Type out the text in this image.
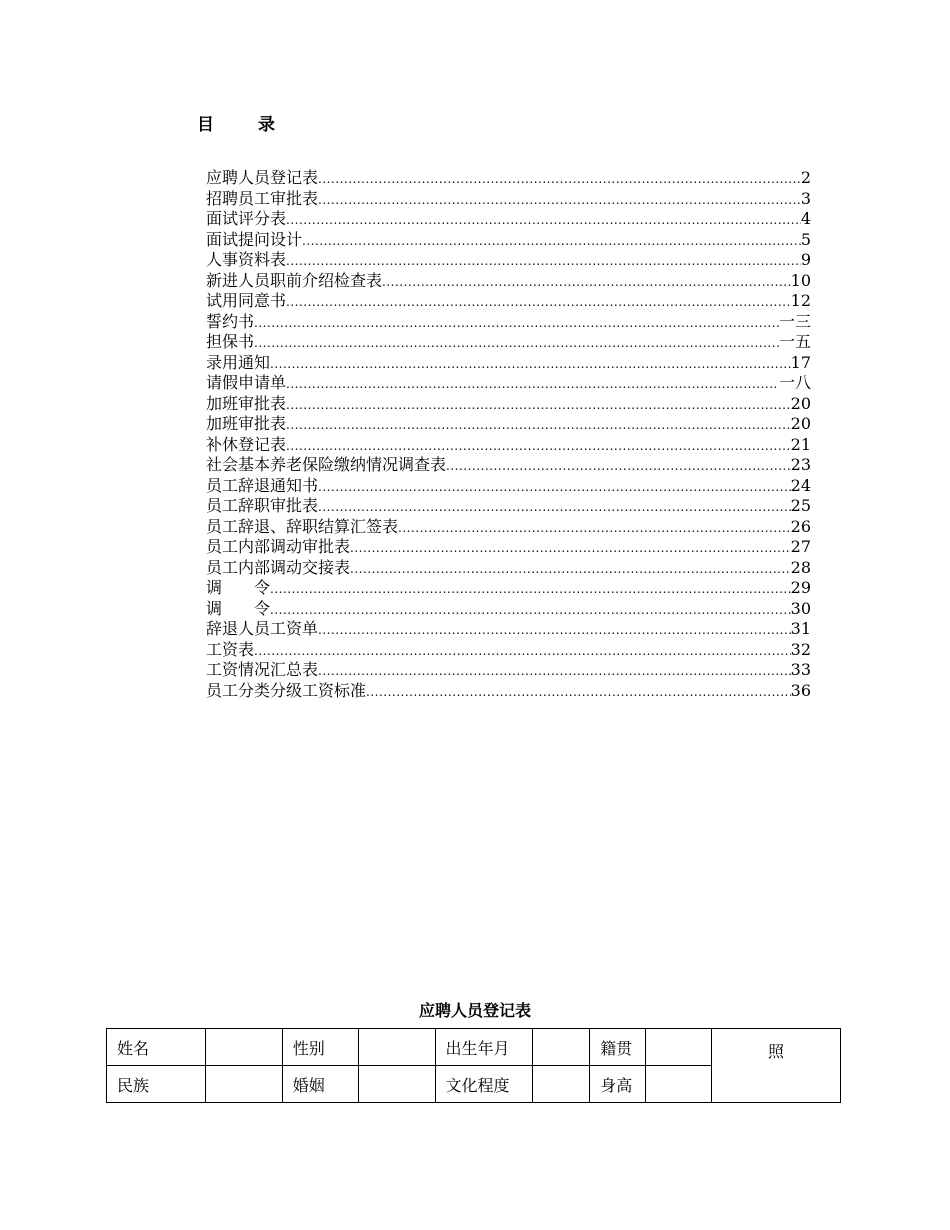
目	录
应聘人员登记表 .....	2
招聘员工审批表 .....	3
面试评分表 .....	4
面试提问设计 .....	5
人事资料表 .....	9
新进人员职前介绍检查表 .....	10
试用同意书 .....	12
誓约书 .....	一三
担保书 .....	一五
录用通知 .....	17
请假申请单 .....	一八
加班审批表 .....	20
加班审批表 .....	20
补休登记表 .....	21
社会基本养老保险缴纳情况调查表 .....	23
员工辞退通知书 .....	24
员工辞职审批表 .....	25
员工辞退、辞职结算汇签表 .....	26
员工内部调动审批表 .....	27
员工内部调动交接表 .....	28
调　　令 .....	29
调　　令 .....	30
辞退人员工资单 .....	31
工资表 .....	32
工资情况汇总表 .....	33
员工分类分级工资标准 .....	36
应聘人员登记表
姓名		性别		出生年月		籍贯		照
民族		婚姻		文化程度		身高		
